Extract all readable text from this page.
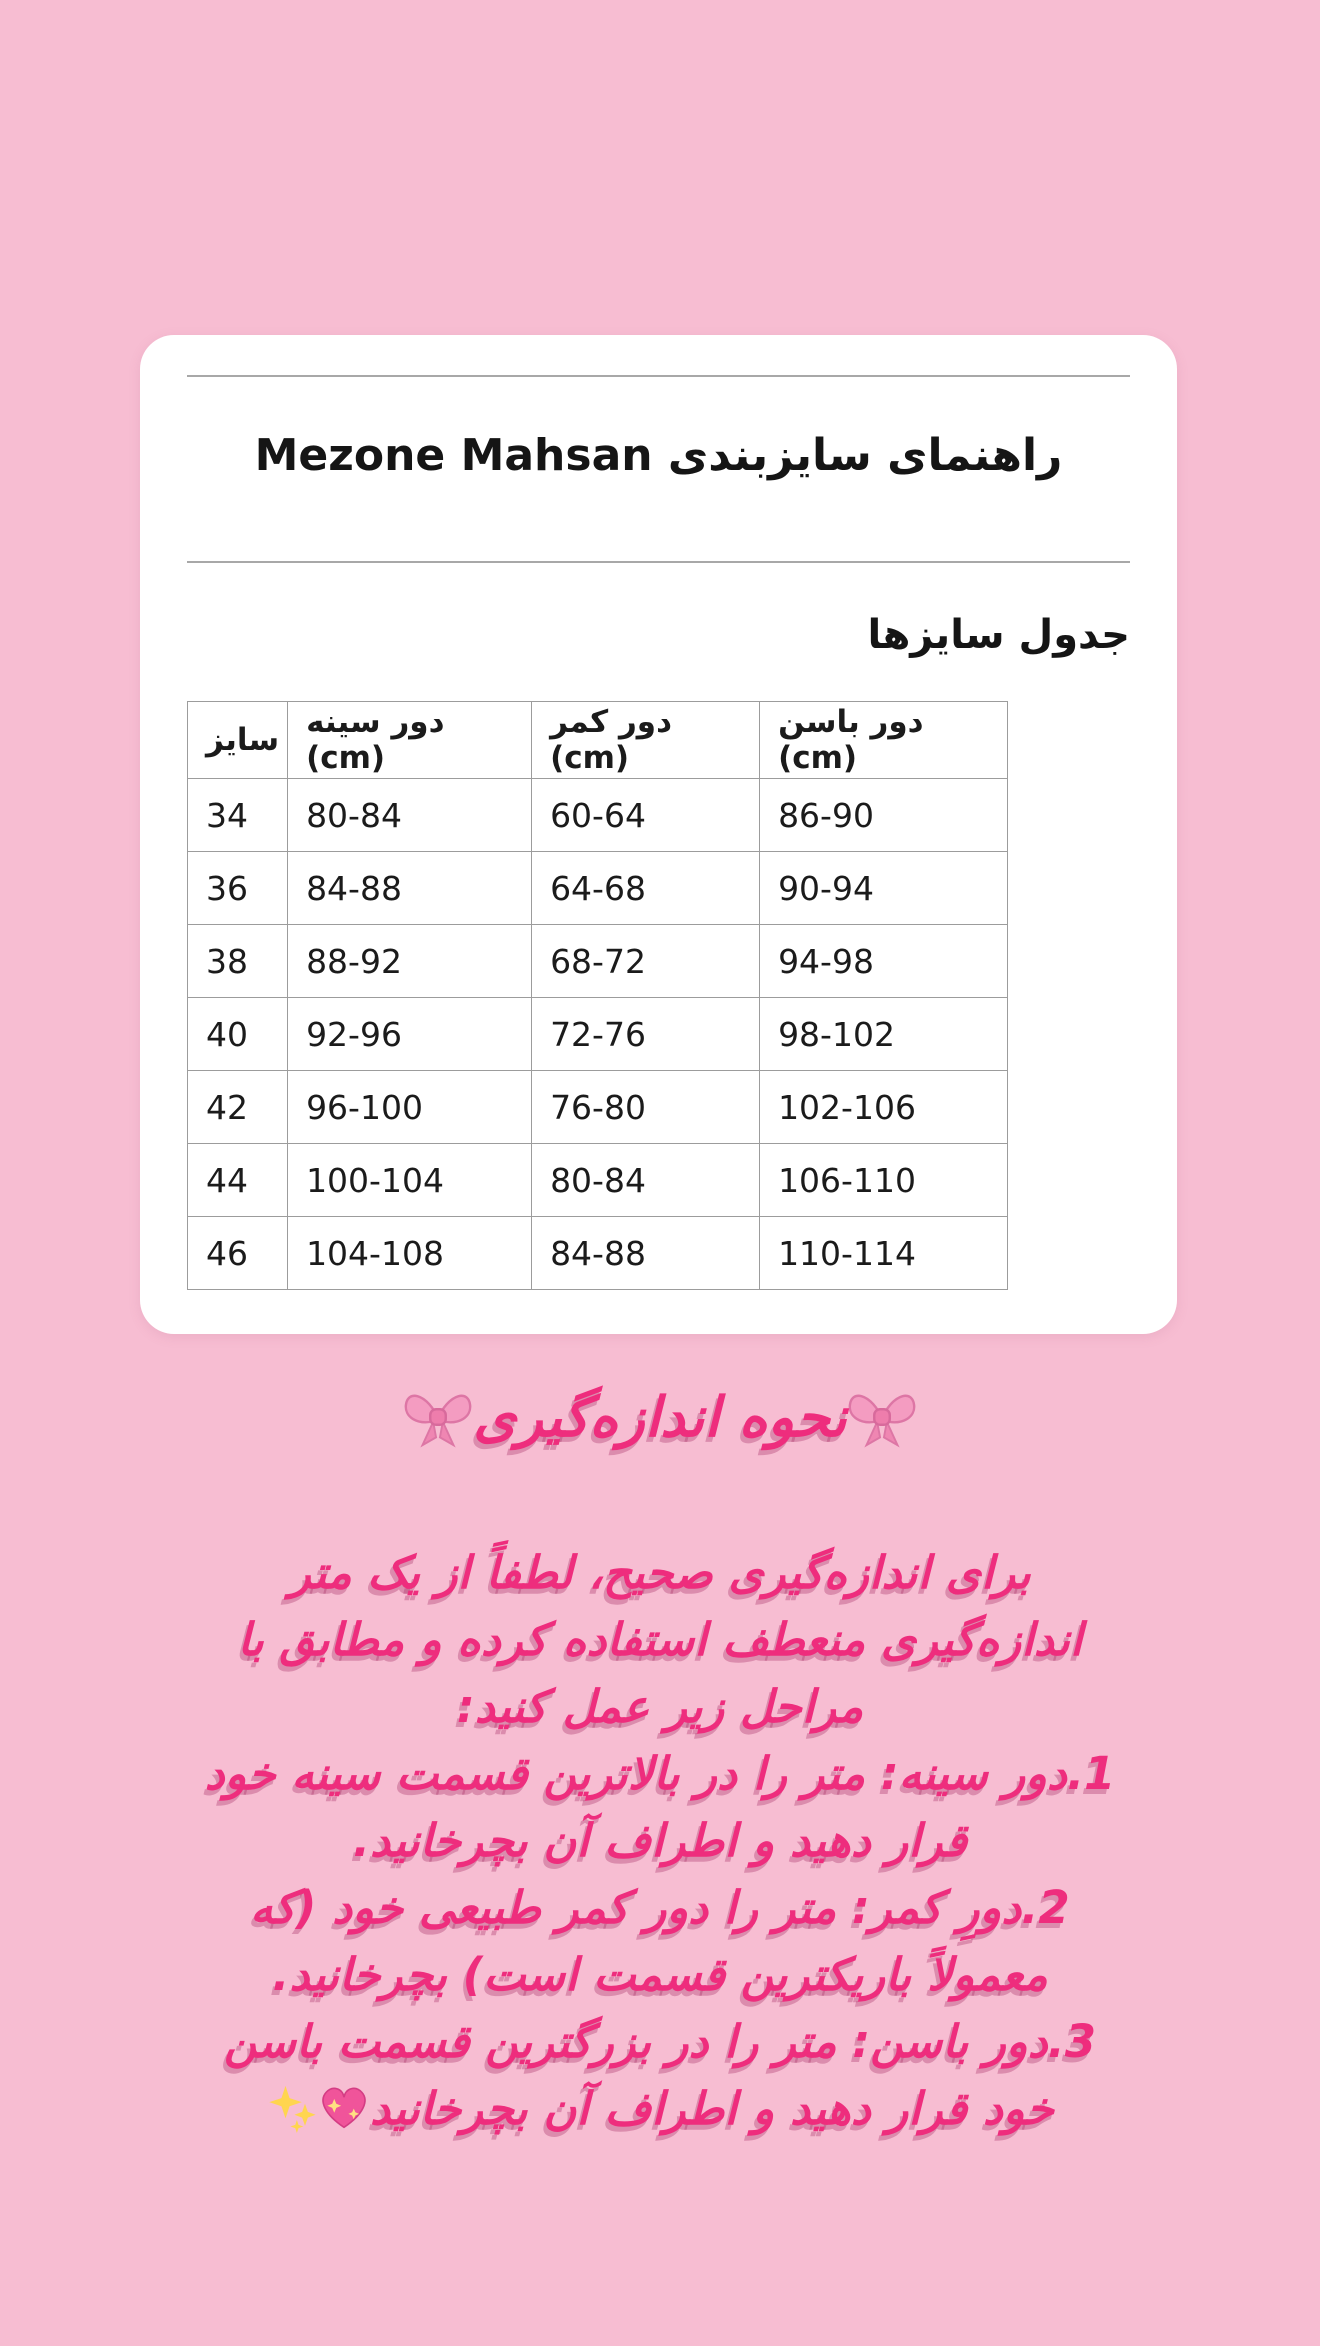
راهنمای سایزبندی Mezone Mahsan
جدول سایزها
سایز	دور سینه (cm)	دور کمر (cm)	دور باسن (cm)
34	80-84	60-64	86-90
36	84-88	64-68	90-94
38	88-92	68-72	94-98
40	92-96	72-76	98-102
42	96-100	76-80	102-106
44	100-104	80-84	106-110
46	104-108	84-88	110-114
نحوه اندازه‌گیری
برای اندازه‌گیری صحیح، لطفاً از یک متر
اندازه‌گیری منعطف استفاده کرده و مطابق با
مراحل زیر عمل کنید:
1.دور سینه: متر را در بالاترین قسمت سینه خود
قرار دهید و اطراف آن بچرخانید.
2.دورِ کمر: متر را دور کمر طبیعی خود (که
معمولاً باریکترین قسمت است) بچرخانید.
3.دور باسن: متر را در بزرگترین قسمت باسن
خود قرار دهید و اطراف آن بچرخانید
